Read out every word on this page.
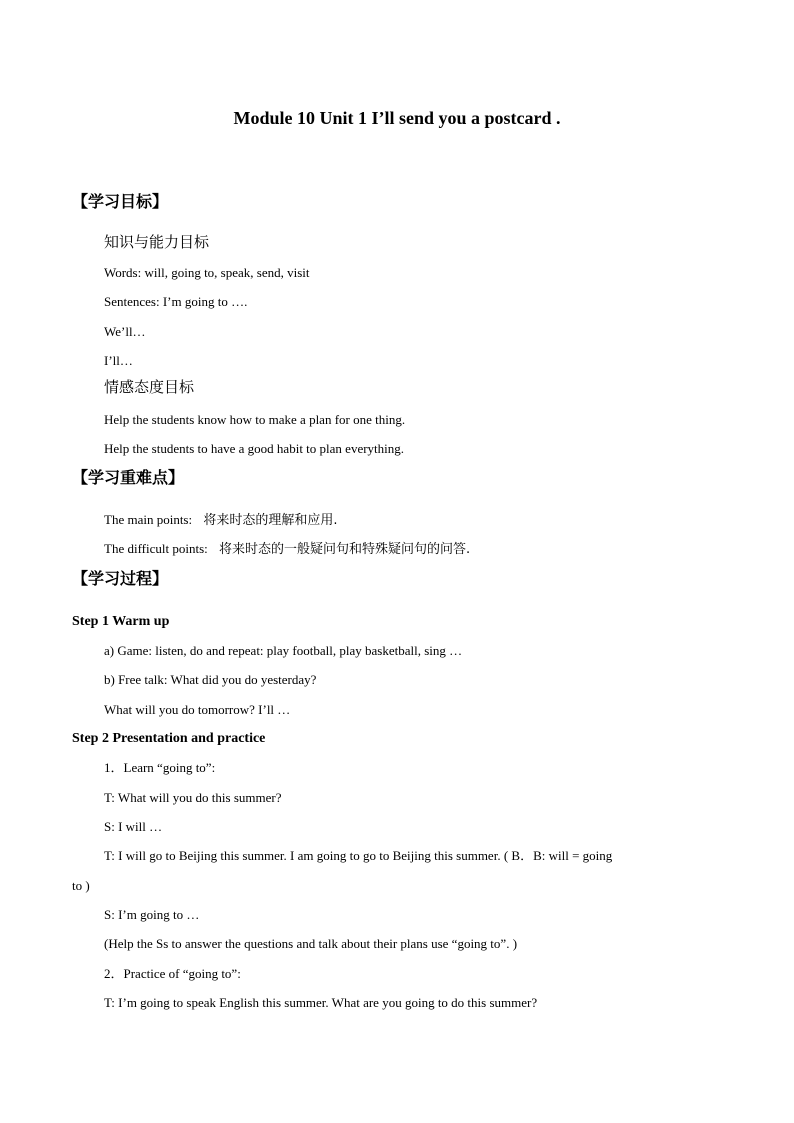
Module 10 Unit 1 I’ll send you a postcard .
【学习目标】
知识与能力目标
Words: will, going to, speak, send, visit
Sentences: I’m going to ….
We’ll…
I’ll…
情感态度目标
Help the students know how to make a plan for one thing.
Help the students to have a good habit to plan everything.
【学习重难点】
The main points: 将来时态的理解和应用.
The difficult points: 将来时态的一般疑问句和特殊疑问句的问答.
【学习过程】
Step 1 Warm up
a) Game: listen, do and repeat: play football, play basketball, sing …
b) Free talk: What did you do yesterday?
What will you do tomorrow? I’ll …
Step 2 Presentation and practice
1．Learn “going to”:
T: What will you do this summer?
S: I will …
T: I will go to Beijing this summer. I am going to go to Beijing this summer. ( B．B: will = going
to )
S: I’m going to …
(Help the Ss to answer the questions and talk about their plans use “going to”. )
2．Practice of “going to”:
T: I’m going to speak English this summer. What are you going to do this summer?
